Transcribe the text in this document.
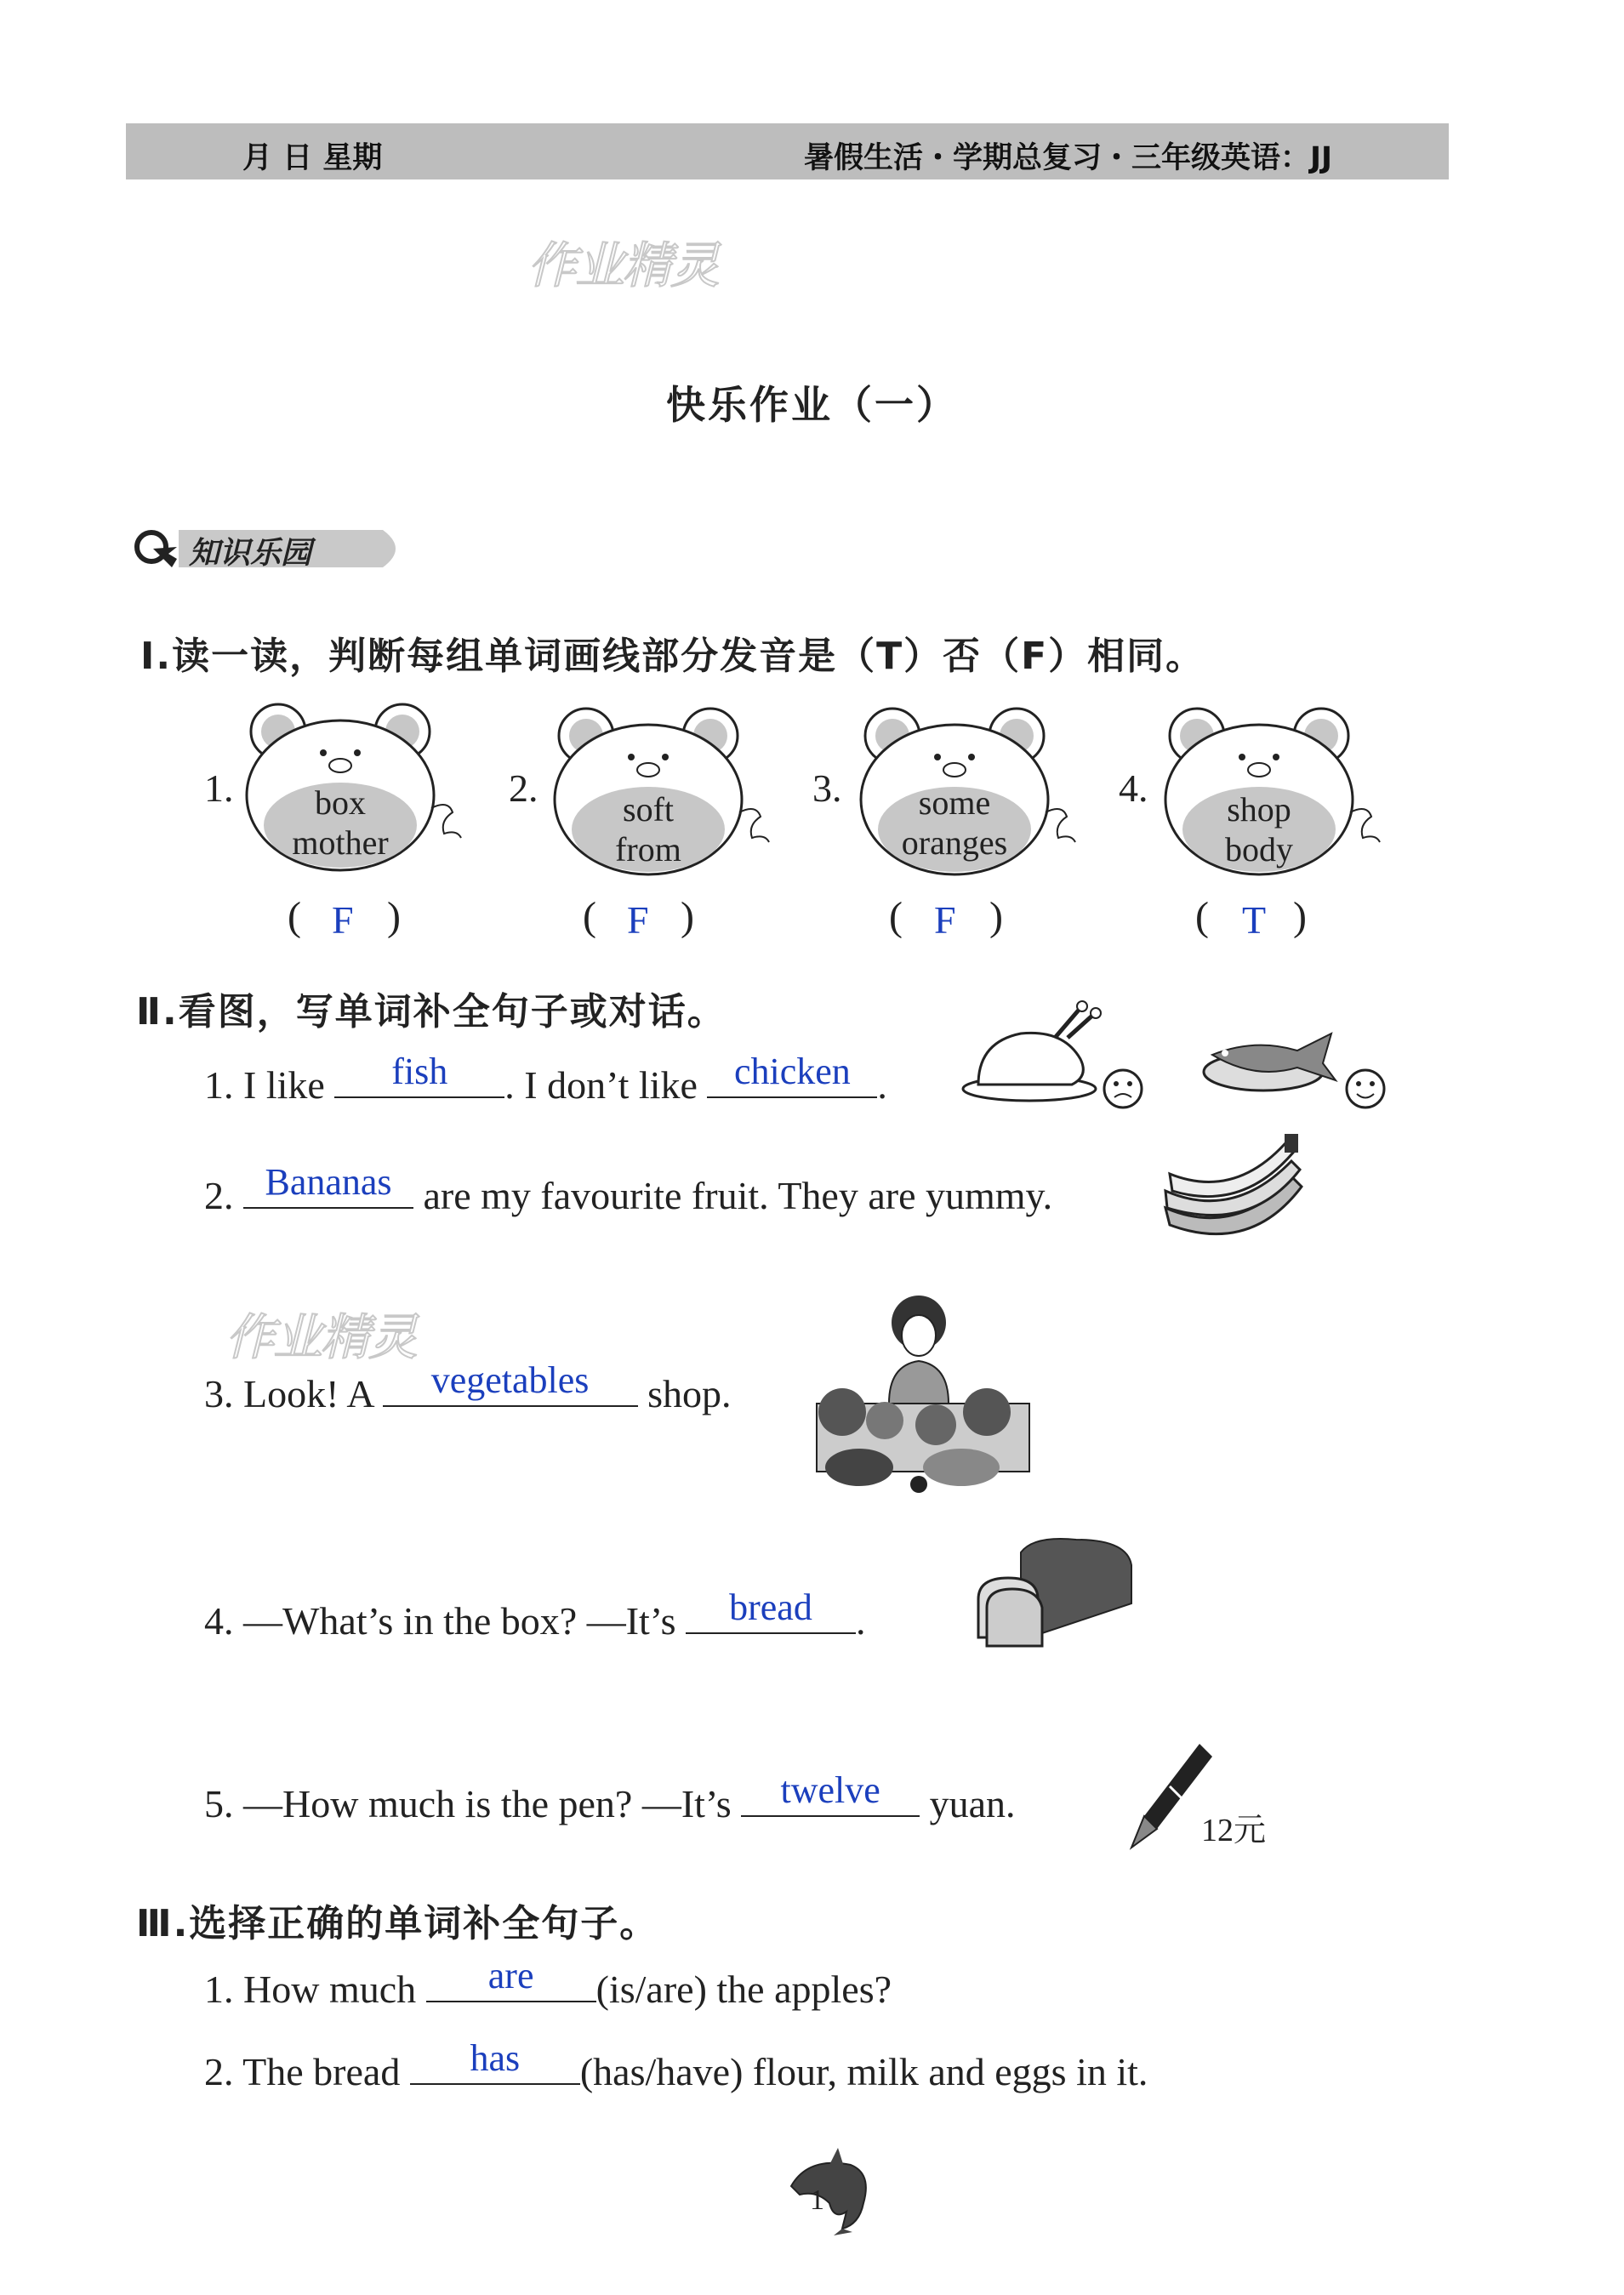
月 日 星期	暑假生活・学期总复习・三年级英语：JJ
作业精灵
作业精灵
快乐作业（一）
知识乐园
Ⅰ.读一读，判断每组单词画线部分发音是（T）否（F）相同。
1.	box
mother
2.	soft
from
3.	some
oranges
4.	shop
body
( F )	( F )	( F )	( T )
Ⅱ.看图，写单词补全句子或对话。
1. I like	fish	. I don’t like chicken .
2. Bananas are my favourite fruit. They are yummy.
3. Look! A	vegetables	shop.
4. —What’s in the box? —It’s	bread	.
5. —How much is the pen? —It’s	twelve	yuan.
12元
Ⅲ.选择正确的单词补全句子。
1. How much	are	(is/are) the apples?
2. The bread	has	(has/have) flour, milk and eggs in it.
1
